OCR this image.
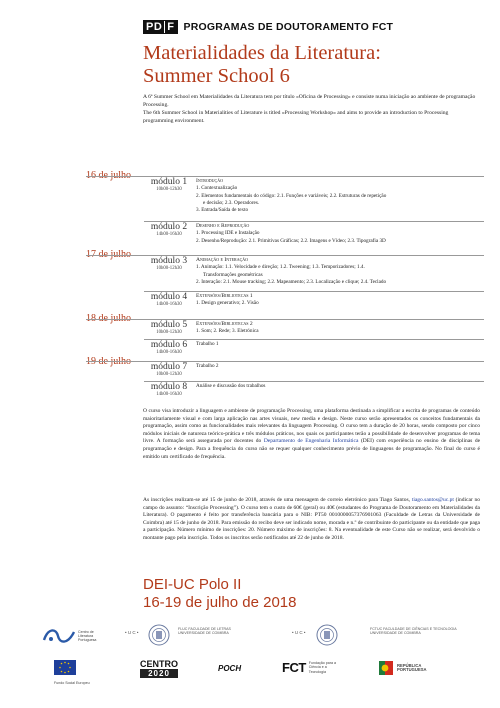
PD F PROGRAMAS DE DOUTORAMENTO FCT
Materialidades da Literatura:
Summer School 6
A 6ª Summer School em Materialidades da Literatura tem por título «Oficina de Processing» e consiste numa iniciação ao ambiente de programação Processing.
The 6th Summer School in Materialities of Literature is titled «Processing Workshop» and aims to provide an introduction to Processing programming environment.
16 de julho
17 de julho
18 de julho
19 de julho
módulo 1
10h00-12h30
Introdução
1. Contextualização
2. Elementos fundamentais do código: 2.1. Funções e variáveis; 2.2. Estruturas de repetição
e decisão; 2.3. Operadores.
3. Entrada/Saída de texto
módulo 2
14h00-16h30
Desenho e Reprodução
1. Processing IDE e Instalação
2. Desenho/Reprodução: 2.1. Primitivas Gráficas; 2.2. Imagens e Vídeo; 2.3. Tipografia 3D
módulo 3
10h00-12h30
Animação e Interação
1. Animação: 1.1. Velocidade e direção; 1.2. Tweening; 1.3. Temporizadores; 1.4.
Transformações geométricas
2. Interação: 2.1. Mouse tracking; 2.2. Mapeamento; 2.3. Localização e clique; 2.4. Teclado
módulo 4
14h00-16h30
Extensões/Bibliotecas 1
1. Design generativo; 2. Visão
módulo 5
10h00-12h30
Extensões/Bibliotecas 2
1. Som; 2. Rede; 3. Eletrónica
módulo 6
14h00-16h30
Trabalho 1
módulo 7
10h00-12h30
Trabalho 2
módulo 8
14h00-16h30
Análise e discussão dos trabalhos
O curso visa introduzir a linguagem e ambiente de programação Processing, uma plataforma destinada a simplificar a escrita de programas de conteúdo maioritariamente visual e com larga aplicação nas artes visuais, new media e design. Neste curso serão apresentados os conceitos fundamentais da programação, assim como as funcionalidades mais relevantes da linguagem Processing. O curso tem a duração de 20 horas, sendo composto por cinco módulos iniciais de natureza teórico-prática e três módulos práticos, nos quais os participantes terão a possibilidade de desenvolver programas de tema livre. A formação será assegurada por docentes do Departamento de Engenharia Informática (DEI) com experiência no ensino de disciplinas de programação e design. Para a frequência do curso não se requer qualquer conhecimento prévio de linguagens de programação. No final do curso é emitido um certificado de frequência.
As inscrições realizam-se até 15 de junho de 2018, através de uma mensagem de correio eletrónico para Tiago Santos, tiago.santos@uc.pt (indicar no campo do assunto: “Inscrição Processing”). O curso tem o custo de 60€ (geral) ou 40€ (estudantes do Programa de Doutoramento em Materialidades da Literatura). O pagamento é feito por transferência bancária para o NIB: PT50 0010000057376901063 (Faculdade de Letras da Universidade de Coimbra) até 15 de junho de 2018. Para emissão do recibo deve ser indicado nome, morada e n.º de contribuinte do participante ou da entidade que paga a participação. Número mínimo de inscrições: 20. Número máximo de inscrições: 8. Na eventualidade de este Curso não se realizar, será devolvido o montante pago pela inscrição. Todos os inscritos serão notificados até 22 de junho de 2018.
DEI-UC Polo II
16-19 de julho de 2018
Centro de Literatura Portuguesa
• U C •
FLUC FACULDADE DE LETRAS UNIVERSIDADE DE COIMBRA	• U C •
FCTUC FACULDADE DE CIÊNCIAS E TECNOLOGIA UNIVERSIDADE DE COIMBRA
Fundo Social Europeu
CENTRO
2020
POCH	FCT Fundação para a Ciência e a Tecnologia
REPÚBLICA PORTUGUESA
